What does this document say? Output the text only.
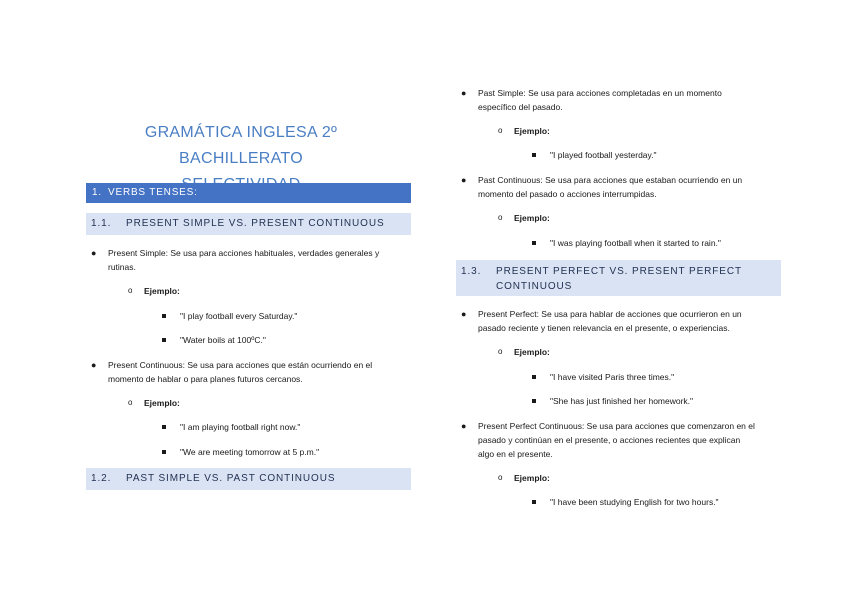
GRAMÁTICA INGLESA 2º BACHILLERATO
1. VERBS TENSES:
1.1. PRESENT SIMPLE VS. PRESENT CONTINUOUS
● Present Simple: Se usa para acciones habituales, verdades generales y
rutinas.
o Ejemplo:
"I play football every Saturday."
"Water boils at 100ºC."
● Present Continuous: Se usa para acciones que están ocurriendo en el
momento de hablar o para planes futuros cercanos.
o Ejemplo:
"I am playing football right now."
"We are meeting tomorrow at 5 p.m."
1.2. PAST SIMPLE VS. PAST CONTINUOUS
● Past Simple: Se usa para acciones completadas en un momento
específico del pasado.
o Ejemplo:
"I played football yesterday."
● Past Continuous: Se usa para acciones que estaban ocurriendo en un
momento del pasado o acciones interrumpidas.
o Ejemplo:
"I was playing football when it started to rain."
1.3. PRESENT PERFECT VS. PRESENT PERFECT
CONTINUOUS
● Present Perfect: Se usa para hablar de acciones que ocurrieron en un
pasado reciente y tienen relevancia en el presente, o experiencias.
o Ejemplo:
"I have visited Paris three times."
"She has just finished her homework."
● Present Perfect Continuous: Se usa para acciones que comenzaron en el
pasado y continúan en el presente, o acciones recientes que explican
algo en el presente.
o Ejemplo:
"I have been studying English for two hours."
